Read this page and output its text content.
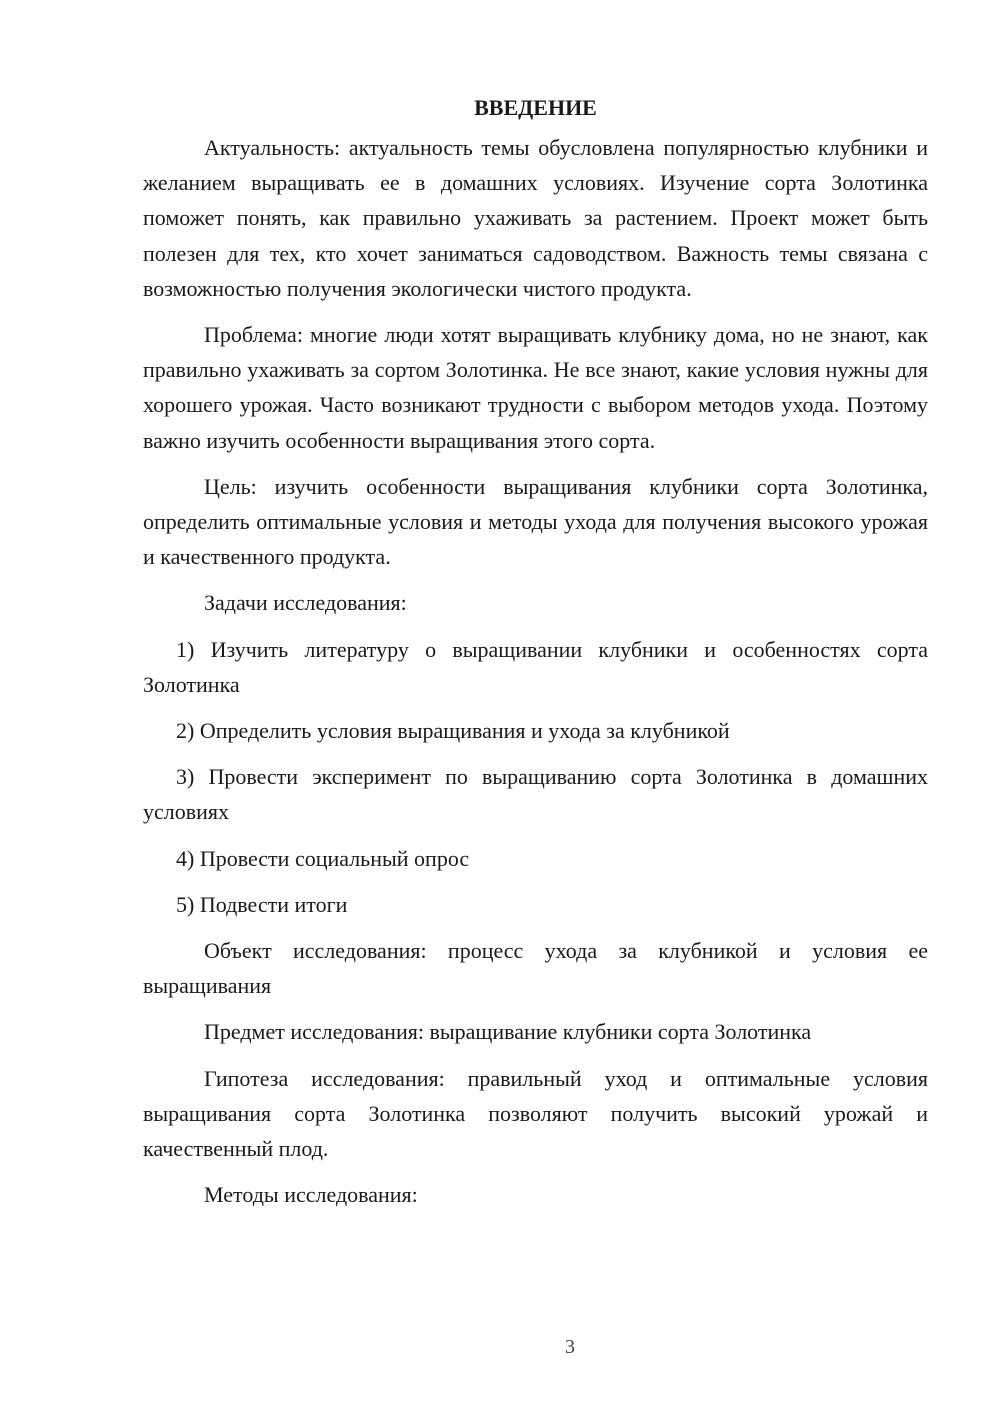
ВВЕДЕНИЕ

Актуальность: актуальность темы обусловлена популярностью клубники и желанием выращивать ее в домашних условиях. Изучение сорта Золотинка поможет понять, как правильно ухаживать за растением. Проект может быть полезен для тех, кто хочет заниматься садоводством. Важность темы связана с возможностью получения экологически чистого продукта.

Проблема: многие люди хотят выращивать клубнику дома, но не знают, как правильно ухаживать за сортом Золотинка. Не все знают, какие условия нужны для хорошего урожая. Часто возникают трудности с выбором методов ухода. Поэтому важно изучить особенности выращивания этого сорта.

Цель: изучить особенности выращивания клубники сорта Золотинка, определить оптимальные условия и методы ухода для получения высокого урожая и качественного продукта.

Задачи исследования:

1) Изучить литературу о выращивании клубники и особенностях сорта Золотинка

2) Определить условия выращивания и ухода за клубникой

3) Провести эксперимент по выращиванию сорта Золотинка в домашних условиях

4) Провести социальный опрос

5) Подвести итоги

Объект исследования: процесс ухода за клубникой и условия ее выращивания

Предмет исследования: выращивание клубники сорта Золотинка

Гипотеза исследования: правильный уход и оптимальные условия выращивания сорта Золотинка позволяют получить высокий урожай и качественный плод.

Методы исследования:

3
